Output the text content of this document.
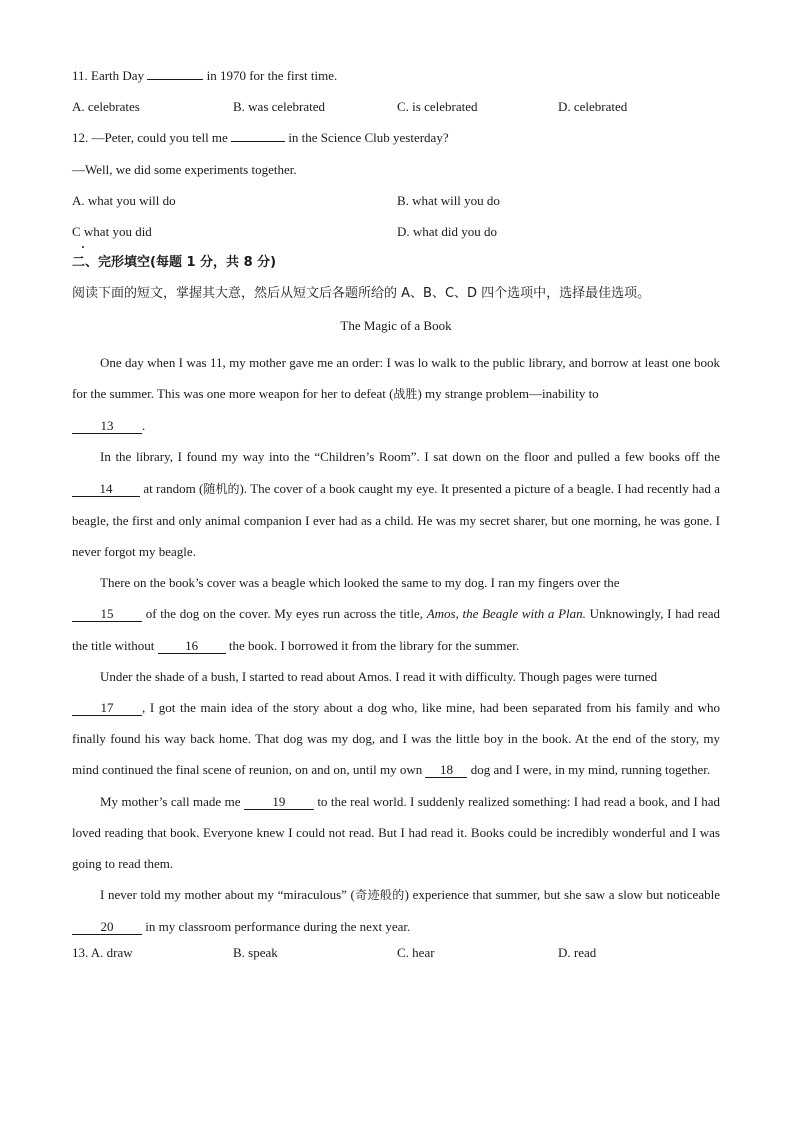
11. Earth Day	in 1970 for the first time.
A. celebrates	B. was celebrated	C. is celebrated	D. celebrated
12. —Peter, could you tell me	in the Science Club yesterday?
—Well, we did some experiments together.
A. what you will do	B. what will you do
C what you did	D. what did you do
二、完形填空(每题 1 分，共 8 分)
阅读下面的短文，掌握其大意，然后从短文后各题所给的 A、B、C、D 四个选项中，选择最佳选项。
The Magic of a Book

One day when I was 11, my mother gave me an order: I was lo walk to the public library, and borrow at least one book for the summer. This was one more weapon for her to defeat (战胜) my strange problem—inability to
13 .

In the library, I found my way into the “Children’s Room”. I sat down on the floor and pulled a few books off the 14 at random (随机的). The cover of a book caught my eye. It presented a picture of a beagle. I had recently had a beagle, the first and only animal companion I ever had as a child. He was my secret sharer, but one morning, he was gone. I never forgot my beagle.

There on the book’s cover was a beagle which looked the same to my dog. I ran my fingers over the
15 of the dog on the cover. My eyes run across the title, Amos, the Beagle with a Plan. Unknowingly, I had read the title without 16 the book. I borrowed it from the library for the summer.

Under the shade of a bush, I started to read about Amos. I read it with difficulty. Though pages were turned
17 , I got the main idea of the story about a dog who, like mine, had been separated from his family and who finally found his way back home. That dog was my dog, and I was the little boy in the book. At the end of the story, my mind continued the final scene of reunion, on and on, until my own 18 dog and I were, in my mind, running together.

My mother’s call made me 19 to the real world. I suddenly realized something: I had read a book, and I had loved reading that book. Everyone knew I could not read. But I had read it. Books could be incredibly wonderful and I was going to read them.

I never told my mother about my “miraculous” (奇迹般的) experience that summer, but she saw a slow but noticeable 20 in my classroom performance during the next year.

13. A. draw	B. speak	C. hear	D. read
